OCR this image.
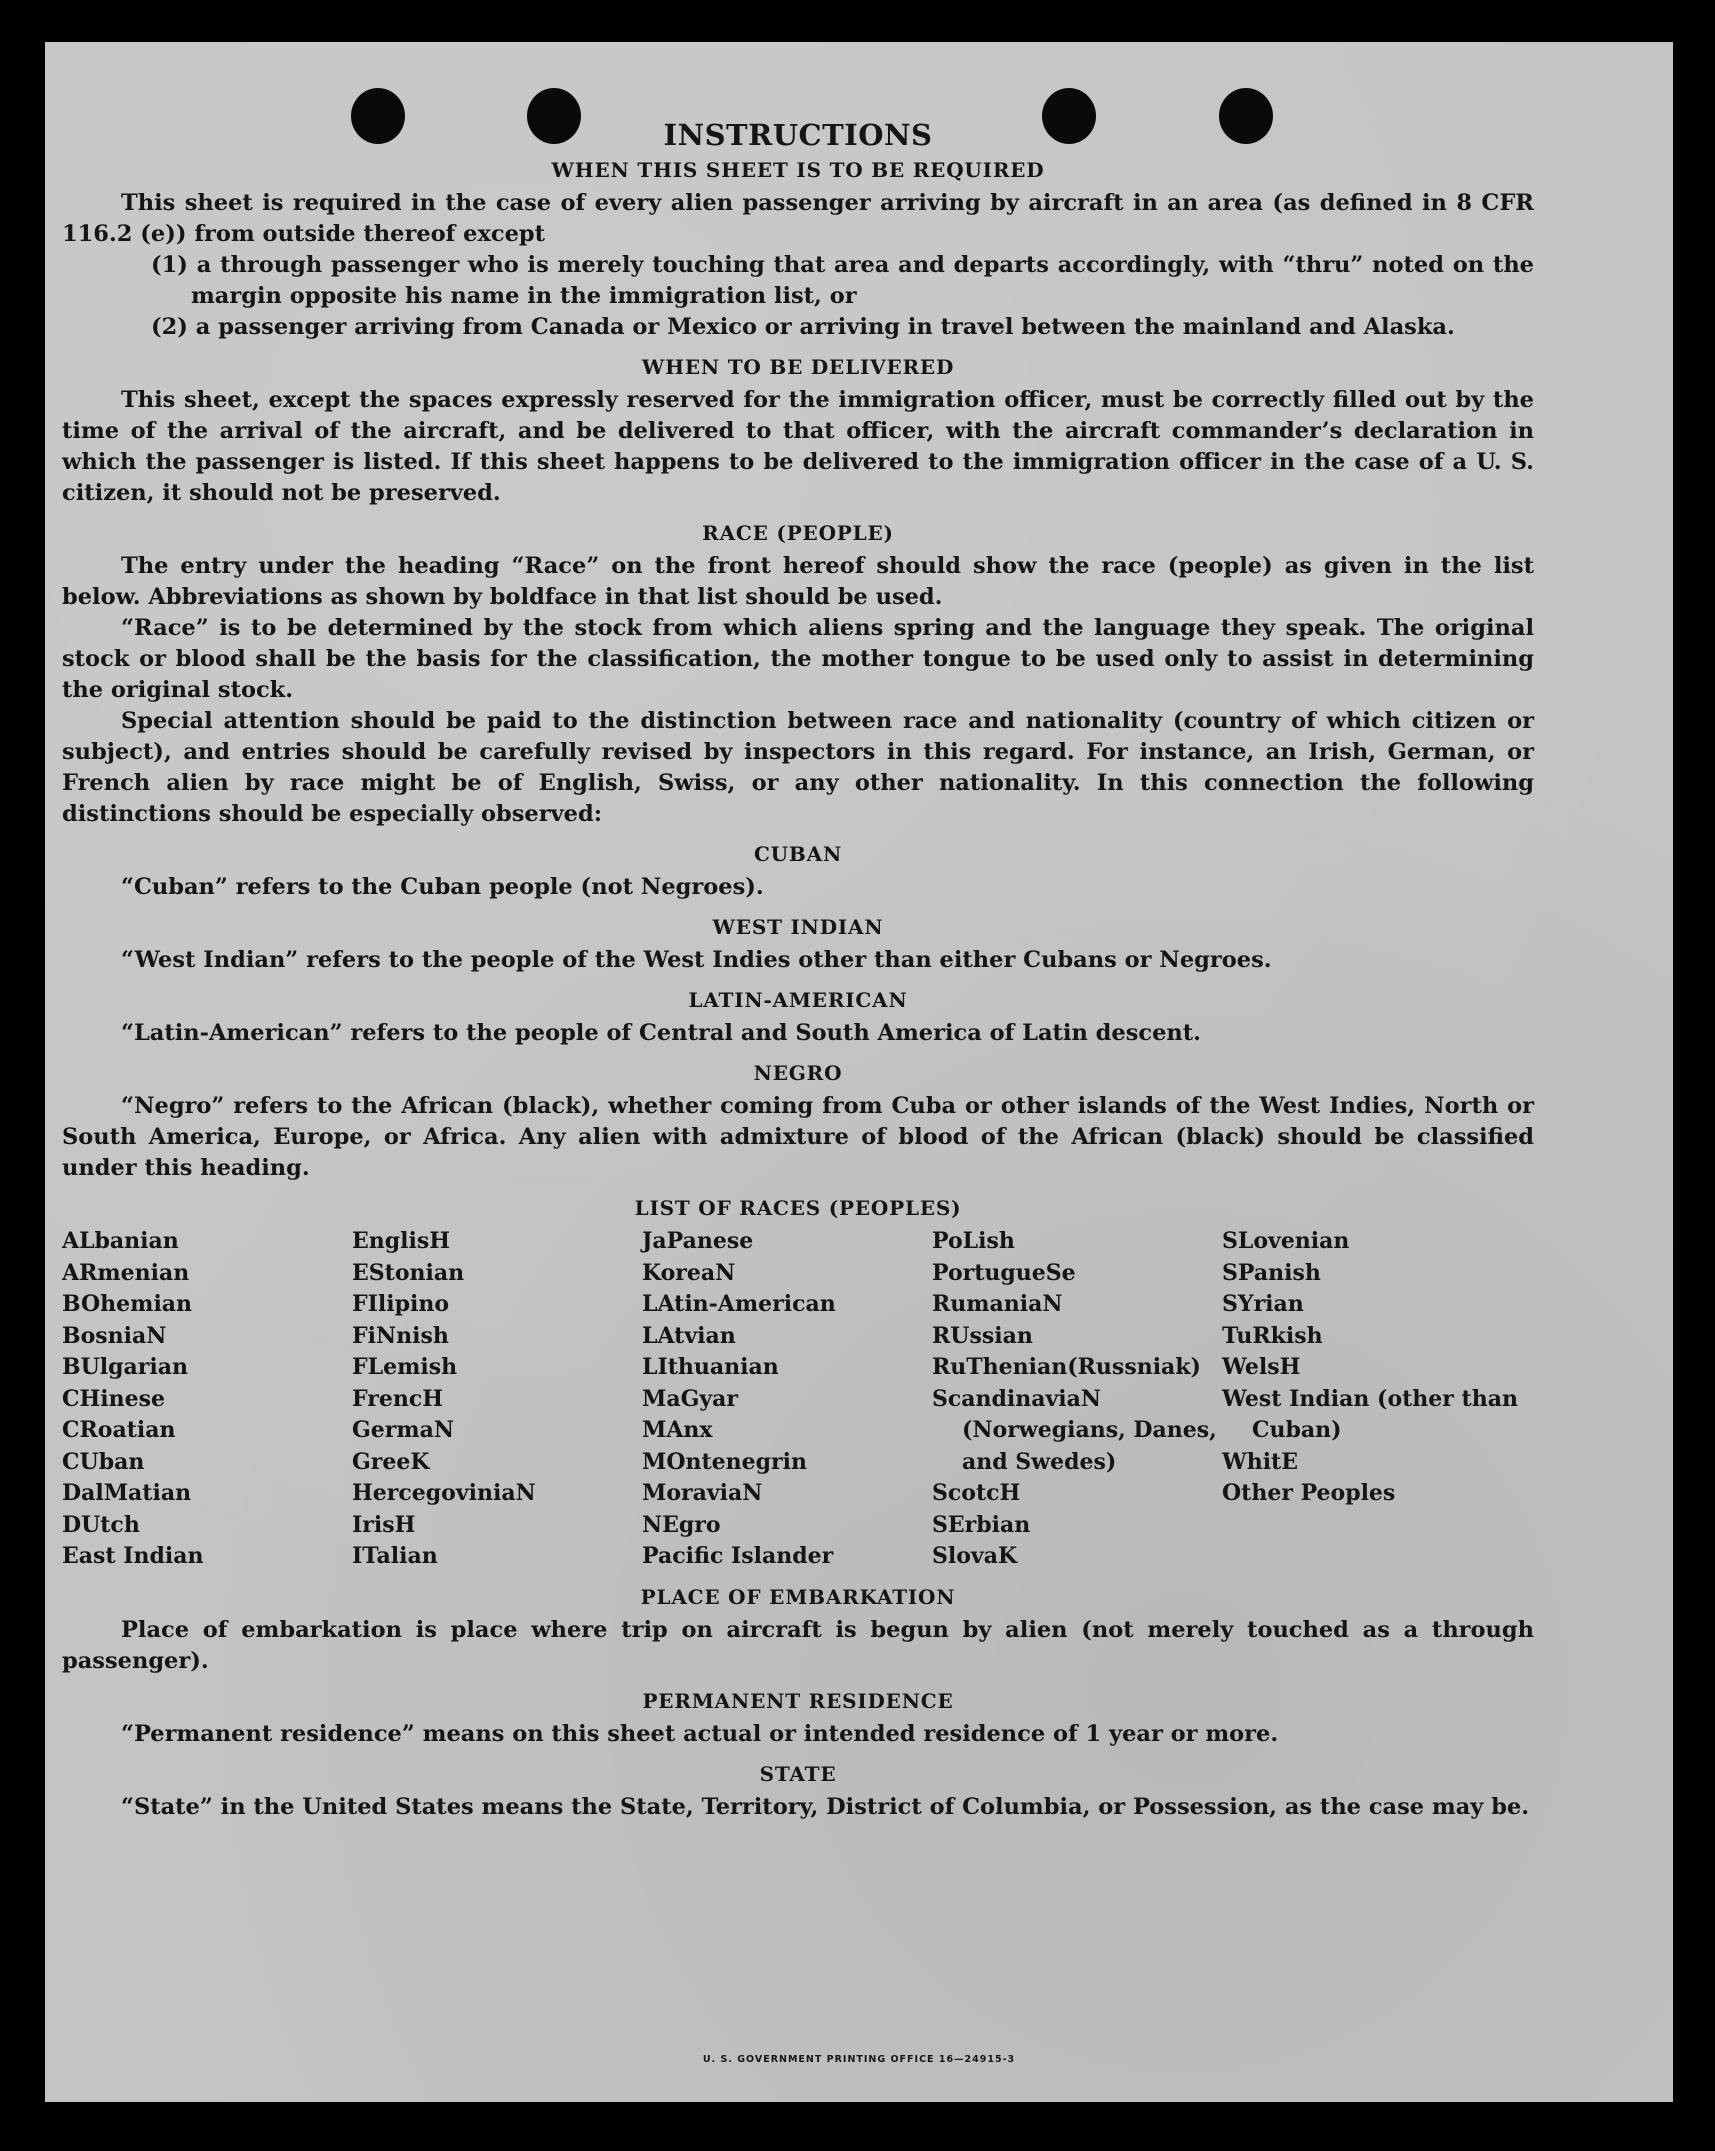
INSTRUCTIONS
WHEN THIS SHEET IS TO BE REQUIRED

This sheet is required in the case of every alien passenger arriving by aircraft in an area (as defined in 8 CFR 116.2 (e)) from outside thereof except

(1) a through passenger who is merely touching that area and departs accordingly, with “thru” noted on the margin opposite his name in the immigration list, or
(2) a passenger arriving from Canada or Mexico or arriving in travel between the mainland and Alaska.
WHEN TO BE DELIVERED

This sheet, except the spaces expressly reserved for the immigration officer, must be correctly filled out by the time of the arrival of the aircraft, and be delivered to that officer, with the aircraft commander’s declaration in which the passenger is listed. If this sheet happens to be delivered to the immigration officer in the case of a U. S. citizen, it should not be preserved.

RACE (PEOPLE)

The entry under the heading “Race” on the front hereof should show the race (people) as given in the list below. Abbreviations as shown by boldface in that list should be used.

“Race” is to be determined by the stock from which aliens spring and the language they speak. The original stock or blood shall be the basis for the classification, the mother tongue to be used only to assist in determining the original stock.

Special attention should be paid to the distinction between race and nationality (country of which citizen or subject), and entries should be carefully revised by inspectors in this regard. For instance, an Irish, German, or French alien by race might be of English, Swiss, or any other nationality. In this connection the following distinctions should be especially observed:

CUBAN

“Cuban” refers to the Cuban people (not Negroes).

WEST INDIAN

“West Indian” refers to the people of the West Indies other than either Cubans or Negroes.

LATIN-AMERICAN

“Latin-American” refers to the people of Central and South America of Latin descent.

NEGRO

“Negro” refers to the African (black), whether coming from Cuba or other islands of the West Indies, North or South America, Europe, or Africa. Any alien with admixture of blood of the African (black) should be classified under this heading.

LIST OF RACES (PEOPLES)
ALbanian
ARmenian
BOhemian
BosniaN
BUlgarian
CHinese
CRoatian
CUban
DalMatian
DUtch
East Indian
EnglisH
EStonian
FIlipino
FiNnish
FLemish
FrencH
GermaN
GreeK
HercegoviniaN
IrisH
ITalian
JaPanese
KoreaN
LAtin-American
LAtvian
LIthuanian
MaGyar
MAnx
MOntenegrin
MoraviaN
NEgro
Pacific Islander
PoLish
PortugueSe
RumaniaN
RUssian
RuThenian(Russniak)
ScandinaviaN (Norwegians, Danes, and Swedes)
ScotcH
SErbian
SlovaK
SLovenian
SPanish
SYrian
TuRkish
WelsH
West Indian (other than Cuban)
WhitE
Other Peoples
PLACE OF EMBARKATION

Place of embarkation is place where trip on aircraft is begun by alien (not merely touched as a through passenger).

PERMANENT RESIDENCE

“Permanent residence” means on this sheet actual or intended residence of 1 year or more.

STATE

“State” in the United States means the State, Territory, District of Columbia, or Possession, as the case may be.

U. S. GOVERNMENT PRINTING OFFICE 16—24915-3
